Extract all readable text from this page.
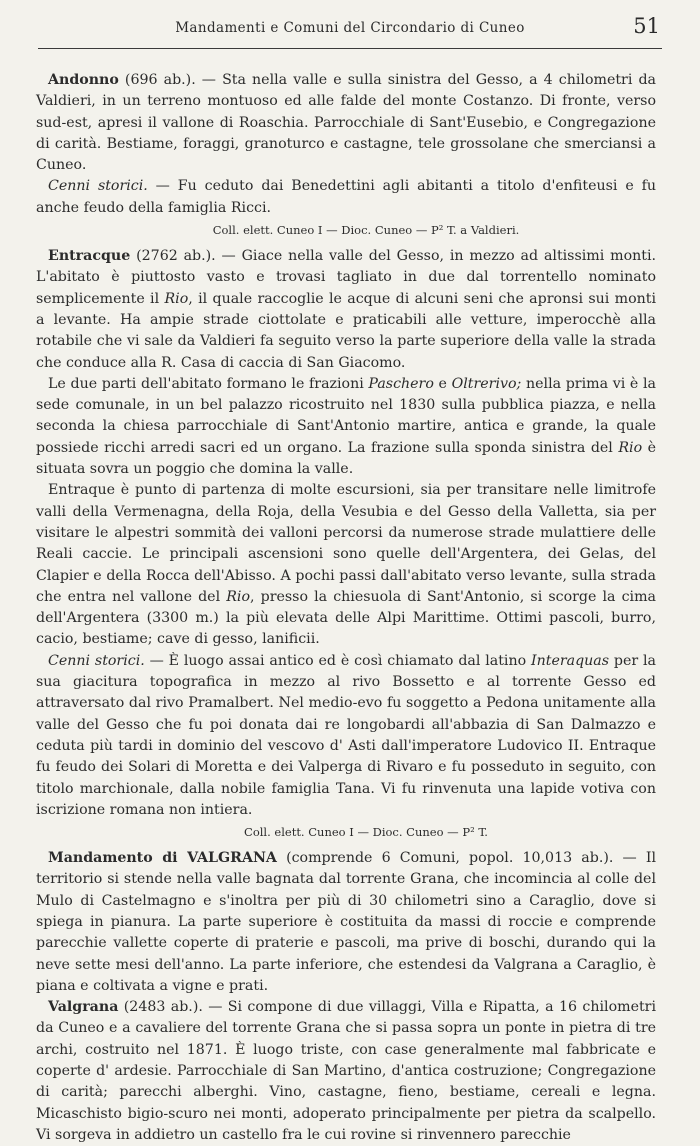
Mandamenti e Comuni del Circondario di Cuneo	51

Andonno (696 ab.). — Sta nella valle e sulla sinistra del Gesso, a 4 chilometri da Valdieri, in un terreno montuoso ed alle falde del monte Costanzo. Di fronte, verso sud-est, apresi il vallone di Roaschia. Parrocchiale di Sant'Eusebio, e Congregazione di carità. Bestiame, foraggi, granoturco e castagne, tele grossolane che smerciansi a Cuneo.

Cenni storici. — Fu ceduto dai Benedettini agli abitanti a titolo d'enfiteusi e fu anche feudo della famiglia Ricci.

Coll. elett. Cuneo I — Dioc. Cuneo — P² T. a Valdieri.

Entracque (2762 ab.). — Giace nella valle del Gesso, in mezzo ad altissimi monti. L'abitato è piuttosto vasto e trovasi tagliato in due dal torrentello nominato semplicemente il Rio, il quale raccoglie le acque di alcuni seni che apronsi sui monti a levante. Ha ampie strade ciottolate e praticabili alle vetture, imperocchè alla rotabile che vi sale da Valdieri fa seguito verso la parte superiore della valle la strada che conduce alla R. Casa di caccia di San Giacomo.

Le due parti dell'abitato formano le frazioni Paschero e Oltrerivo; nella prima vi è la sede comunale, in un bel palazzo ricostruito nel 1830 sulla pubblica piazza, e nella seconda la chiesa parrocchiale di Sant'Antonio martire, antica e grande, la quale possiede ricchi arredi sacri ed un organo. La frazione sulla sponda sinistra del Rio è situata sovra un poggio che domina la valle.

Entraque è punto di partenza di molte escursioni, sia per transitare nelle limitrofe valli della Vermenagna, della Roja, della Vesubia e del Gesso della Valletta, sia per visitare le alpestri sommità dei valloni percorsi da numerose strade mulattiere delle Reali caccie. Le principali ascensioni sono quelle dell'Argentera, dei Gelas, del Clapier e della Rocca dell'Abisso. A pochi passi dall'abitato verso levante, sulla strada che entra nel vallone del Rio, presso la chiesuola di Sant'Antonio, si scorge la cima dell'Argentera (3300 m.) la più elevata delle Alpi Marittime. Ottimi pascoli, burro, cacio, bestiame; cave di gesso, lanificii.

Cenni storici. — È luogo assai antico ed è così chiamato dal latino Interaquas per la sua giacitura topografica in mezzo al rivo Bossetto e al torrente Gesso ed attraversato dal rivo Pramalbert. Nel medio-evo fu soggetto a Pedona unitamente alla valle del Gesso che fu poi donata dai re longobardi all'abbazia di San Dalmazzo e ceduta più tardi in dominio del vescovo d' Asti dall'imperatore Ludovico II. Entraque fu feudo dei Solari di Moretta e dei Valperga di Rivaro e fu posseduto in seguito, con titolo marchionale, dalla nobile famiglia Tana. Vi fu rinvenuta una lapide votiva con iscrizione romana non intiera.

Coll. elett. Cuneo I — Dioc. Cuneo — P² T.

Mandamento di VALGRANA (comprende 6 Comuni, popol. 10,013 ab.). — Il territorio si stende nella valle bagnata dal torrente Grana, che incomincia al colle del Mulo di Castelmagno e s'inoltra per più di 30 chilometri sino a Caraglio, dove si spiega in pianura. La parte superiore è costituita da massi di roccie e comprende parecchie vallette coperte di praterie e pascoli, ma prive di boschi, durando qui la neve sette mesi dell'anno. La parte inferiore, che estendesi da Valgrana a Caraglio, è piana e coltivata a vigne e prati.

Valgrana (2483 ab.). — Si compone di due villaggi, Villa e Ripatta, a 16 chilometri da Cuneo e a cavaliere del torrente Grana che si passa sopra un ponte in pietra di tre archi, costruito nel 1871. È luogo triste, con case generalmente mal fabbricate e coperte d' ardesie. Parrocchiale di San Martino, d'antica costruzione; Congregazione di carità; parecchi alberghi. Vino, castagne, fieno, bestiame, cereali e legna. Micaschisto bigio-scuro nei monti, adoperato principalmente per pietra da scalpello. Vi sorgeva in addietro un castello fra le cui rovine si rinvennero parecchie
